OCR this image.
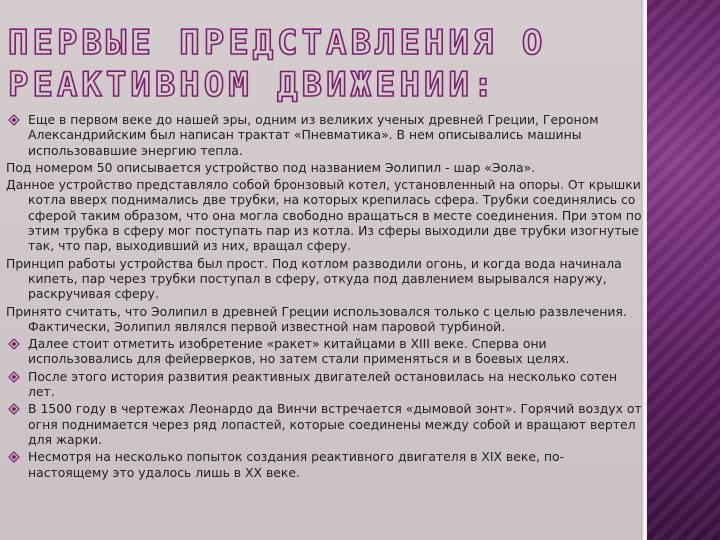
ПЕРВЫЕ ПРЕДСТАВЛЕНИЯ О РЕАКТИВНОМ ДВИЖЕНИИ:
Еще в первом веке до нашей эры, одним из великих ученых древней Греции, Героном Александрийским был написан трактат «Пневматика». В нем описывались машины использовавшие энергию тепла.
Под номером 50 описывается устройство под названием Эолипил - шар «Эола».
Данное устройство представляло собой бронзовый котел, установленный на опоры. От крышки котла вверх поднимались две трубки, на которых крепилась сфера. Трубки соединялись со сферой таким образом, что она могла свободно вращаться в месте соединения. При этом по этим трубка в сферу мог поступать пар из котла. Из сферы выходили две трубки изогнутые так, что пар, выходивший из них, вращал сферу.
Принцип работы устройства был прост. Под котлом разводили огонь, и когда вода начинала кипеть, пар через трубки поступал в сферу, откуда под давлением вырывался наружу, раскручивая сферу.
Принято считать, что Эолипил в древней Греции использовался только с целью развлечения. Фактически, Эолипил являлся первой известной нам паровой турбиной.
Далее стоит отметить изобретение «ракет» китайцами в XIII веке. Сперва они использовались для фейерверков, но затем стали применяться и в боевых целях.
После этого история развития реактивных двигателей остановилась на несколько сотен лет.
В 1500 году в чертежах Леонардо да Винчи встречается «дымовой зонт». Горячий воздух от огня поднимается через ряд лопастей, которые соединены между собой и вращают вертел для жарки.
Несмотря на несколько попыток создания реактивного двигателя в XIX веке, по-настоящему это удалось лишь в XX веке.
